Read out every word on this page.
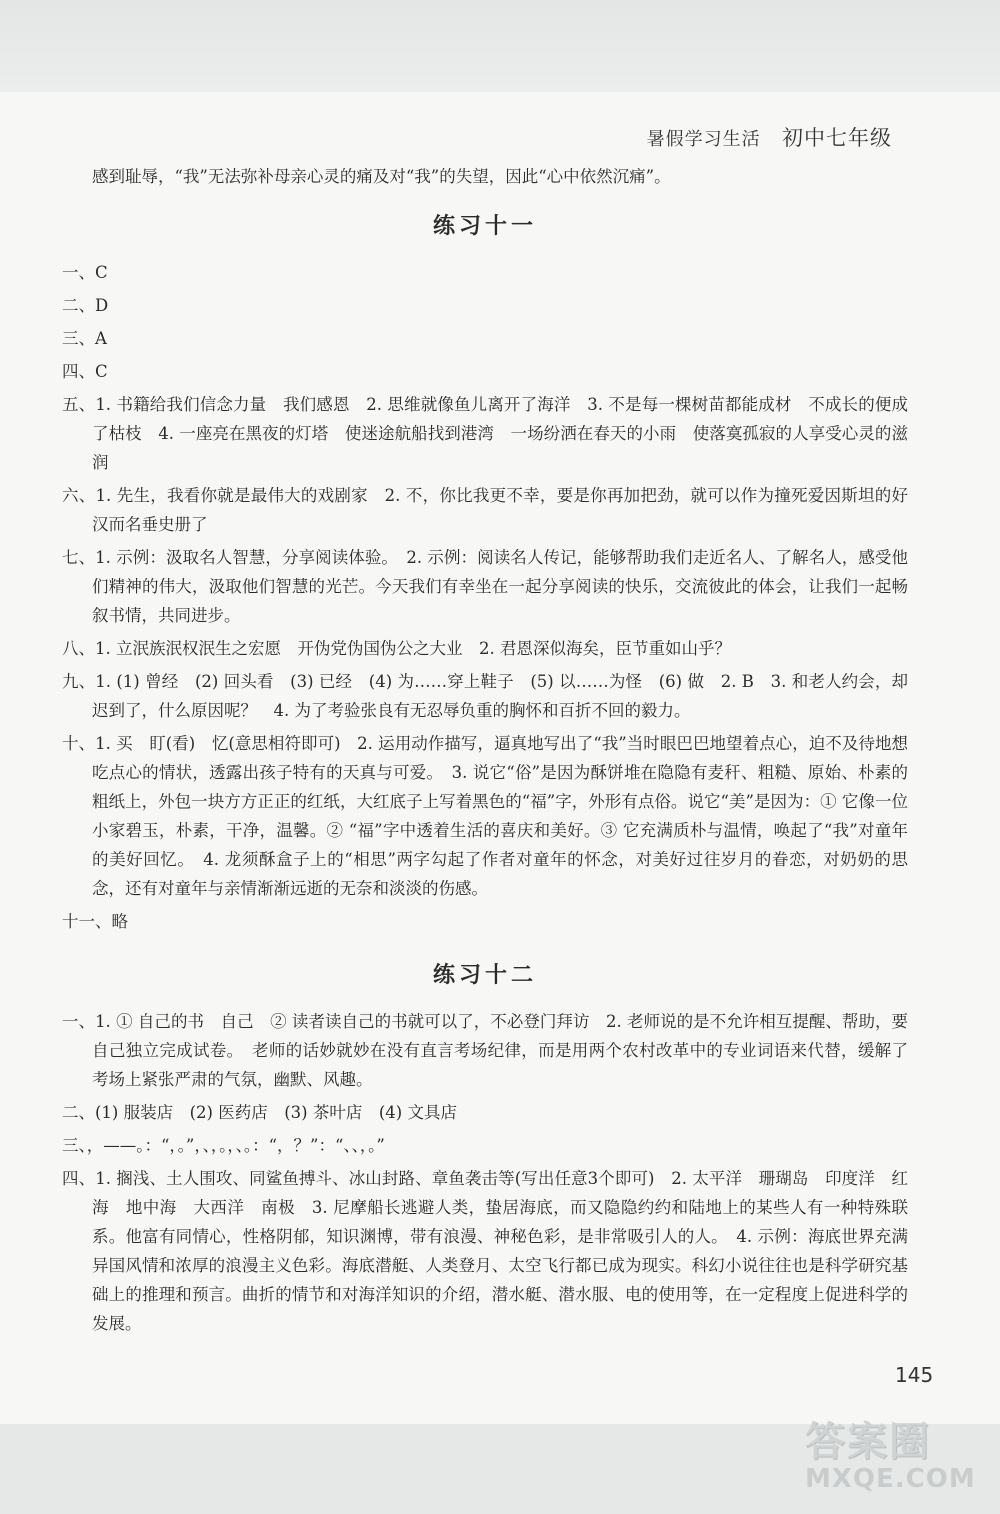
暑假学习生活 初中七年级
感到耻辱，“我”无法弥补母亲心灵的痛及对“我”的失望，因此“心中依然沉痛”。
练习十一
一、C
二、D
三、A
四、C
五、1. 书籍给我们信念力量　我们感恩　2. 思维就像鱼儿离开了海洋　3. 不是每一棵树苗都能成材　不成长的便成了枯枝　4. 一座亮在黑夜的灯塔　使迷途航船找到港湾　一场纷洒在春天的小雨　使落寞孤寂的人享受心灵的滋润
六、1. 先生，我看你就是最伟大的戏剧家　2. 不，你比我更不幸，要是你再加把劲，就可以作为撞死爱因斯坦的好汉而名垂史册了
七、1. 示例：汲取名人智慧，分享阅读体验。　2. 示例：阅读名人传记，能够帮助我们走近名人、了解名人，感受他们精神的伟大，汲取他们智慧的光芒。今天我们有幸坐在一起分享阅读的快乐，交流彼此的体会，让我们一起畅叙书情，共同进步。
八、1. 立泯族泯权泯生之宏愿　开伪党伪国伪公之大业　2. 君恩深似海矣，臣节重如山乎？
九、1. (1) 曾经　(2) 回头看　(3) 已经　(4) 为……穿上鞋子　(5) 以……为怪　(6) 做　2. B　3. 和老人约会，却迟到了，什么原因呢？　4. 为了考验张良有无忍辱负重的胸怀和百折不回的毅力。
十、1. 买　盯(看)　忆(意思相符即可)　2. 运用动作描写，逼真地写出了“我”当时眼巴巴地望着点心，迫不及待地想吃点心的情状，透露出孩子特有的天真与可爱。　3. 说它“俗”是因为酥饼堆在隐隐有麦秆、粗糙、原始、朴素的粗纸上，外包一块方方正正的红纸，大红底子上写着黑色的“福”字，外形有点俗。说它“美”是因为：① 它像一位小家碧玉，朴素，干净，温馨。② “福”字中透着生活的喜庆和美好。③ 它充满质朴与温情，唤起了“我”对童年的美好回忆。　4. 龙须酥盒子上的“相思”两字勾起了作者对童年的怀念，对美好过往岁月的眷恋，对奶奶的思念，还有对童年与亲情渐渐远逝的无奈和淡淡的伤感。
十一、略
练习十二
一、1. ① 自己的书　自己　② 读者读自己的书就可以了，不必登门拜访　2. 老师说的是不允许相互提醒、帮助，要自己独立完成试卷。　老师的话妙就妙在没有直言考场纪律，而是用两个农村改革中的专业词语来代替，缓解了考场上紧张严肃的气氛，幽默、风趣。
二、(1) 服装店　(2) 医药店　(3) 茶叶店　(4) 文具店
三、，——。：“，。”，、，。，、。：“，？”：“、、，。”
四、1. 搁浅、土人围攻、同鲨鱼搏斗、冰山封路、章鱼袭击等(写出任意3个即可)　2. 太平洋　珊瑚岛　印度洋　红海　地中海　大西洋　南极　3. 尼摩船长逃避人类，蛰居海底，而又隐隐约约和陆地上的某些人有一种特殊联系。他富有同情心，性格阴郁，知识渊博，带有浪漫、神秘色彩，是非常吸引人的人。　4. 示例：海底世界充满异国风情和浓厚的浪漫主义色彩。海底潜艇、人类登月、太空飞行都已成为现实。科幻小说往往也是科学研究基础上的推理和预言。曲折的情节和对海洋知识的介绍，潜水艇、潜水服、电的使用等，在一定程度上促进科学的发展。
145
答案圈
MXQE.COM
